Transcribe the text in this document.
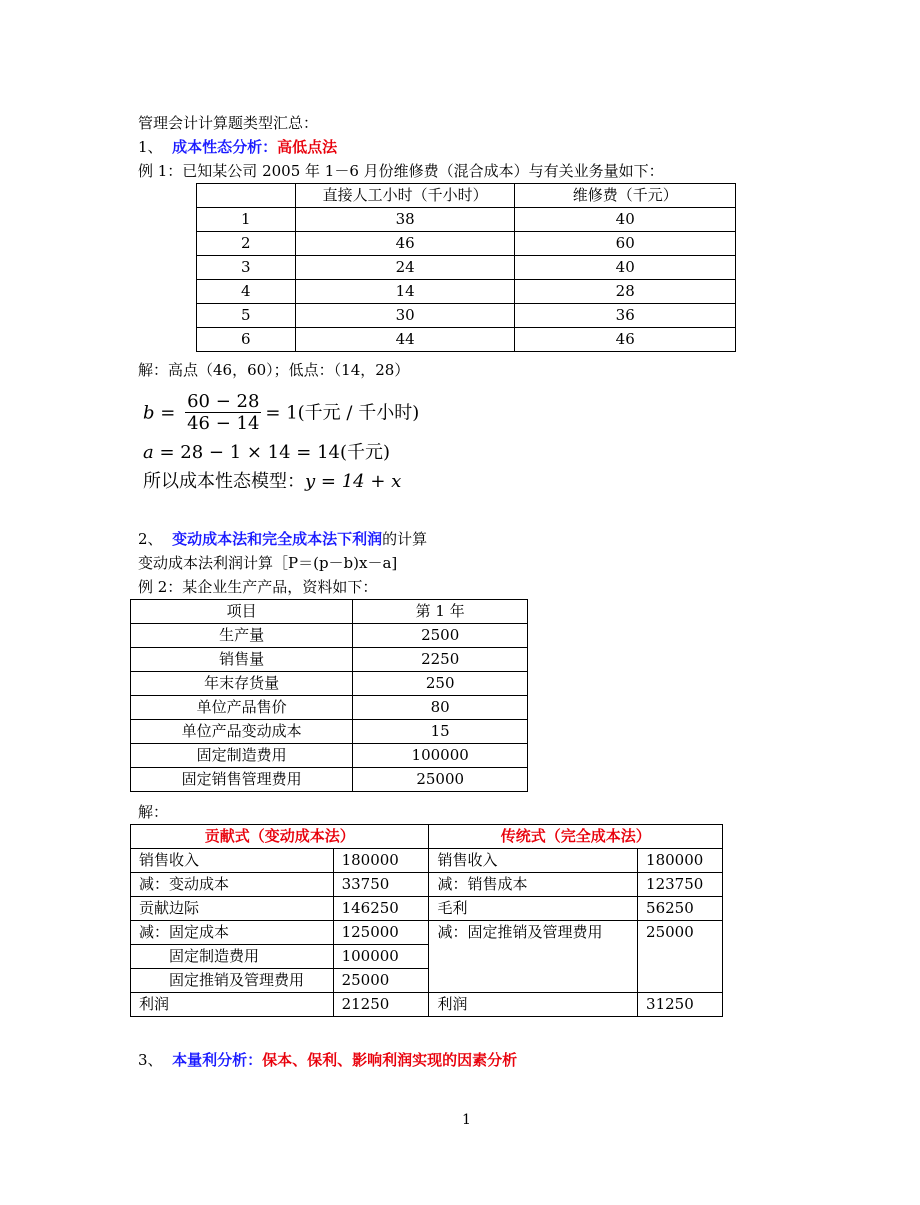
管理会计计算题类型汇总：
1、 成本性态分析：高低点法
例 1：已知某公司 2005 年 1－6 月份维修费（混合成本）与有关业务量如下：
	直接人工小时（千小时）	维修费（千元）
1	38	40
2	46	60
3	24	40
4	14	28
5	30	36
6	44	46
解：高点（46，60）；低点：（14，28）
$b = \frac{60 - 28}{46 - 14} = 1$(千元 / 千小时)
a = 28 − 1 × 14 = 14(千元)
所以成本性态模型：y = 14 + x
2、 变动成本法和完全成本法下利润的计算
变动成本法利润计算［P＝(p－b)x－a]
例 2：某企业生产产品，资料如下：
项目	第 1 年
生产量	2500
销售量	2250
年末存货量	250
单位产品售价	80
单位产品变动成本	15
固定制造费用	100000
固定销售管理费用	25000
解：
贡献式（变动成本法）		传统式（完全成本法）	
销售收入	180000	销售收入	180000
减：变动成本	33750	减：销售成本	123750
贡献边际	146250	毛利	56250
减：固定成本	125000	减：固定推销及管理费用	25000
　　固定制造费用	100000		
　　固定推销及管理费用	25000		
利润	21250	利润	31250
3、 本量利分析：保本、保利、影响利润实现的因素分析
1
